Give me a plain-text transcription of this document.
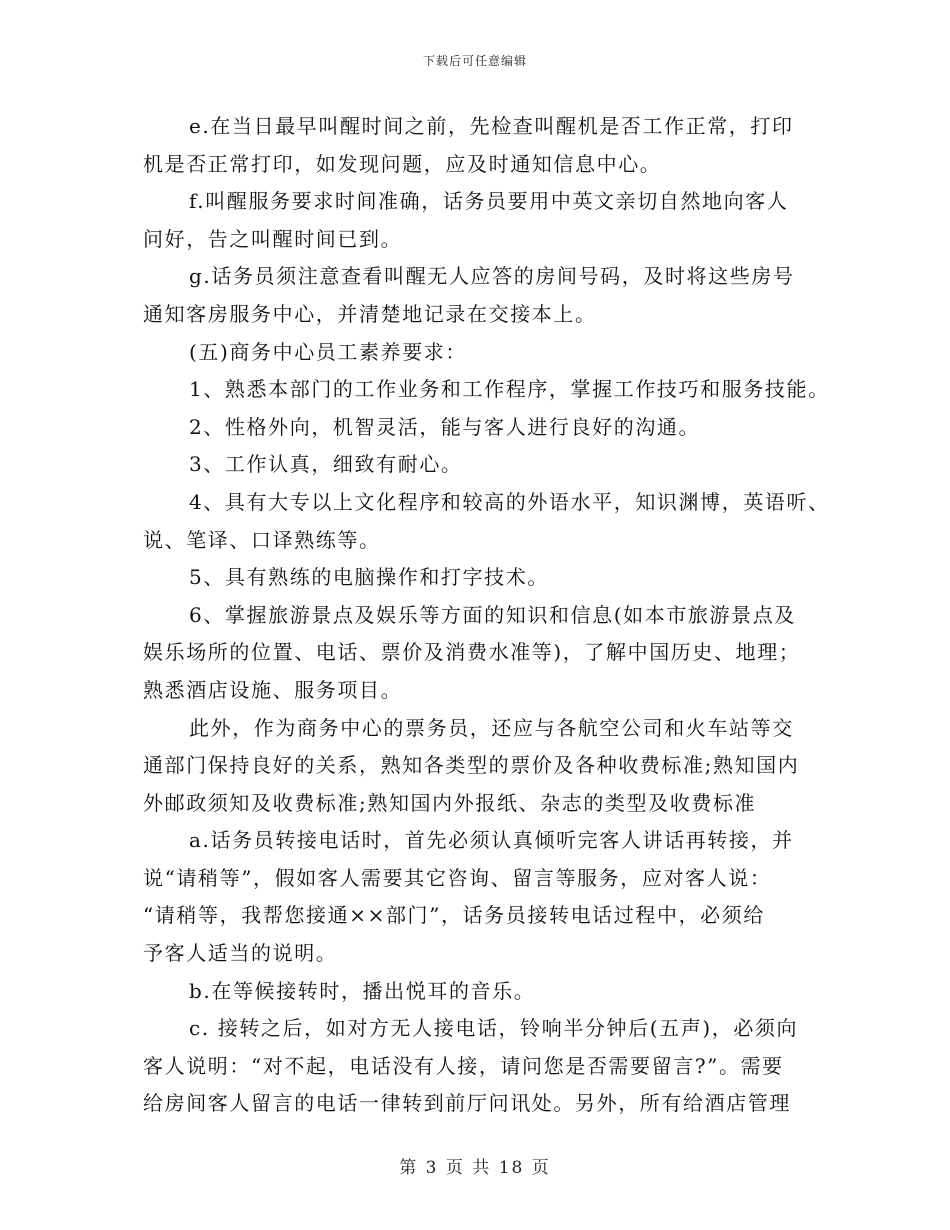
下载后可任意编辑
e.在当日最早叫醒时间之前，先检查叫醒机是否工作正常，打印
机是否正常打印，如发现问题，应及时通知信息中心。
f.叫醒服务要求时间准确，话务员要用中英文亲切自然地向客人
问好，告之叫醒时间已到。
g.话务员须注意查看叫醒无人应答的房间号码，及时将这些房号
通知客房服务中心，并清楚地记录在交接本上。
(五)商务中心员工素养要求：
1、熟悉本部门的工作业务和工作程序，掌握工作技巧和服务技能。
2、性格外向，机智灵活，能与客人进行良好的沟通。
3、工作认真，细致有耐心。
4、具有大专以上文化程序和较高的外语水平，知识渊博，英语听、
说、笔译、口译熟练等。
5、具有熟练的电脑操作和打字技术。
6、掌握旅游景点及娱乐等方面的知识和信息(如本市旅游景点及
娱乐场所的位置、电话、票价及消费水准等)，了解中国历史、地理；
熟悉酒店设施、服务项目。
此外，作为商务中心的票务员，还应与各航空公司和火车站等交
通部门保持良好的关系，熟知各类型的票价及各种收费标准;熟知国内
外邮政须知及收费标准;熟知国内外报纸、杂志的类型及收费标准
a.话务员转接电话时，首先必须认真倾听完客人讲话再转接，并
说“请稍等”，假如客人需要其它咨询、留言等服务，应对客人说：
“请稍等，我帮您接通××部门”，话务员接转电话过程中，必须给
予客人适当的说明。
b.在等候接转时，播出悦耳的音乐。
c. 接转之后，如对方无人接电话，铃响半分钟后(五声)，必须向
客人说明：“对不起，电话没有人接，请问您是否需要留言?”。需要
给房间客人留言的电话一律转到前厅问讯处。另外，所有给酒店管理
第 3 页 共 18 页
